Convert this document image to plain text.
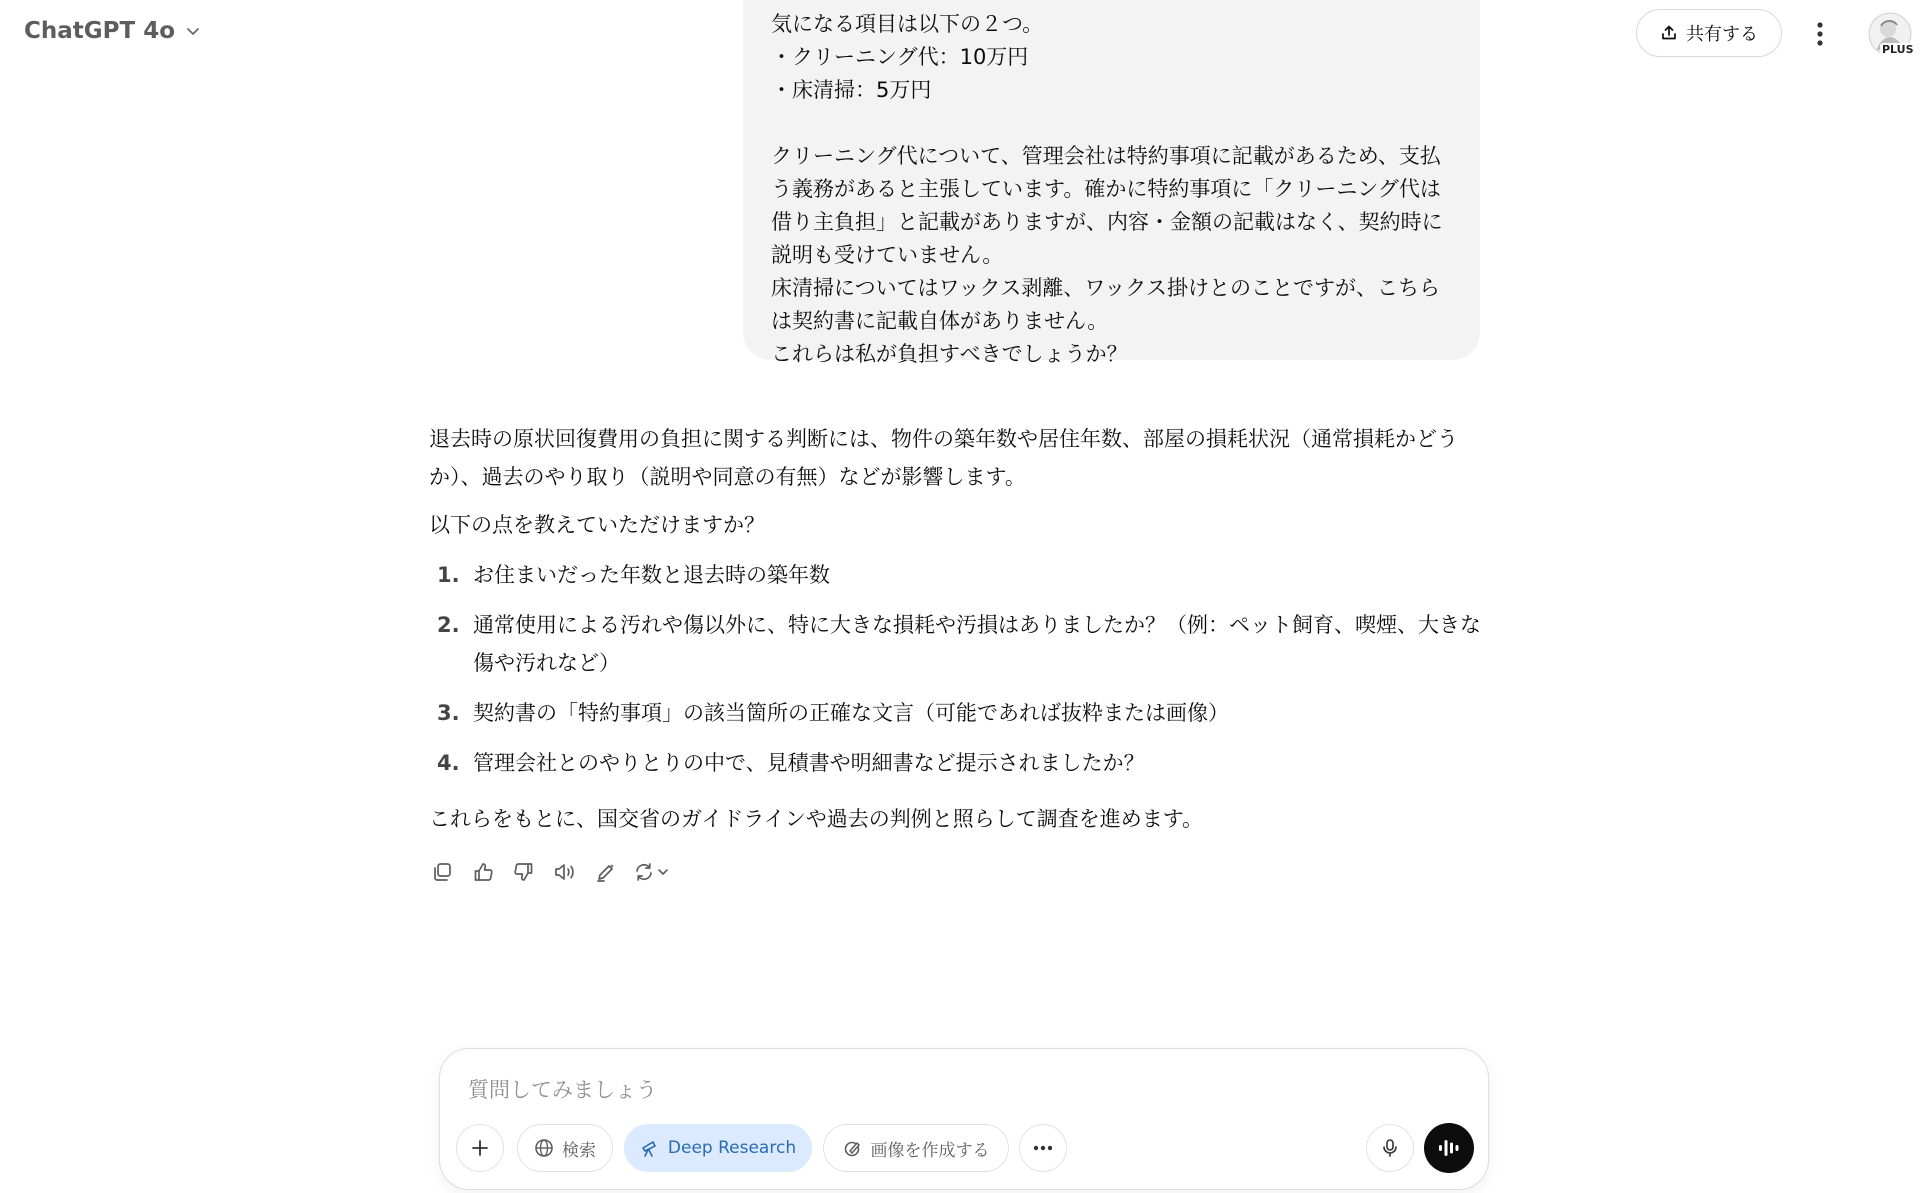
ChatGPT 4o	共有する
PLUS

気になる項目は以下の２つ。

・クリーニング代：10万円

・床清掃：5万円

クリーニング代について、管理会社は特約事項に記載があるため、支払う義務があると主張しています。確かに特約事項に「クリーニング代は借り主負担」と記載がありますが、内容・金額の記載はなく、契約時に説明も受けていません。

床清掃についてはワックス剥離、ワックス掛けとのことですが、こちらは契約書に記載自体がありません。

これらは私が負担すべきでしょうか？

退去時の原状回復費用の負担に関する判断には、物件の築年数や居住年数、部屋の損耗状況（通常損耗かどうか）、過去のやり取り（説明や同意の有無）などが影響します。

以下の点を教えていただけますか？

1. お住まいだった年数と退去時の築年数
2. 通常使用による汚れや傷以外に、特に大きな損耗や汚損はありましたか？（例：ペット飼育、喫煙、大きな傷や汚れなど）
3. 契約書の「特約事項」の該当箇所の正確な文言（可能であれば抜粋または画像）
4. 管理会社とのやりとりの中で、見積書や明細書など提示されましたか？

これらをもとに、国交省のガイドラインや過去の判例と照らして調査を進めます。

質問してみましょう
検索	Deep Research	画像を作成する
